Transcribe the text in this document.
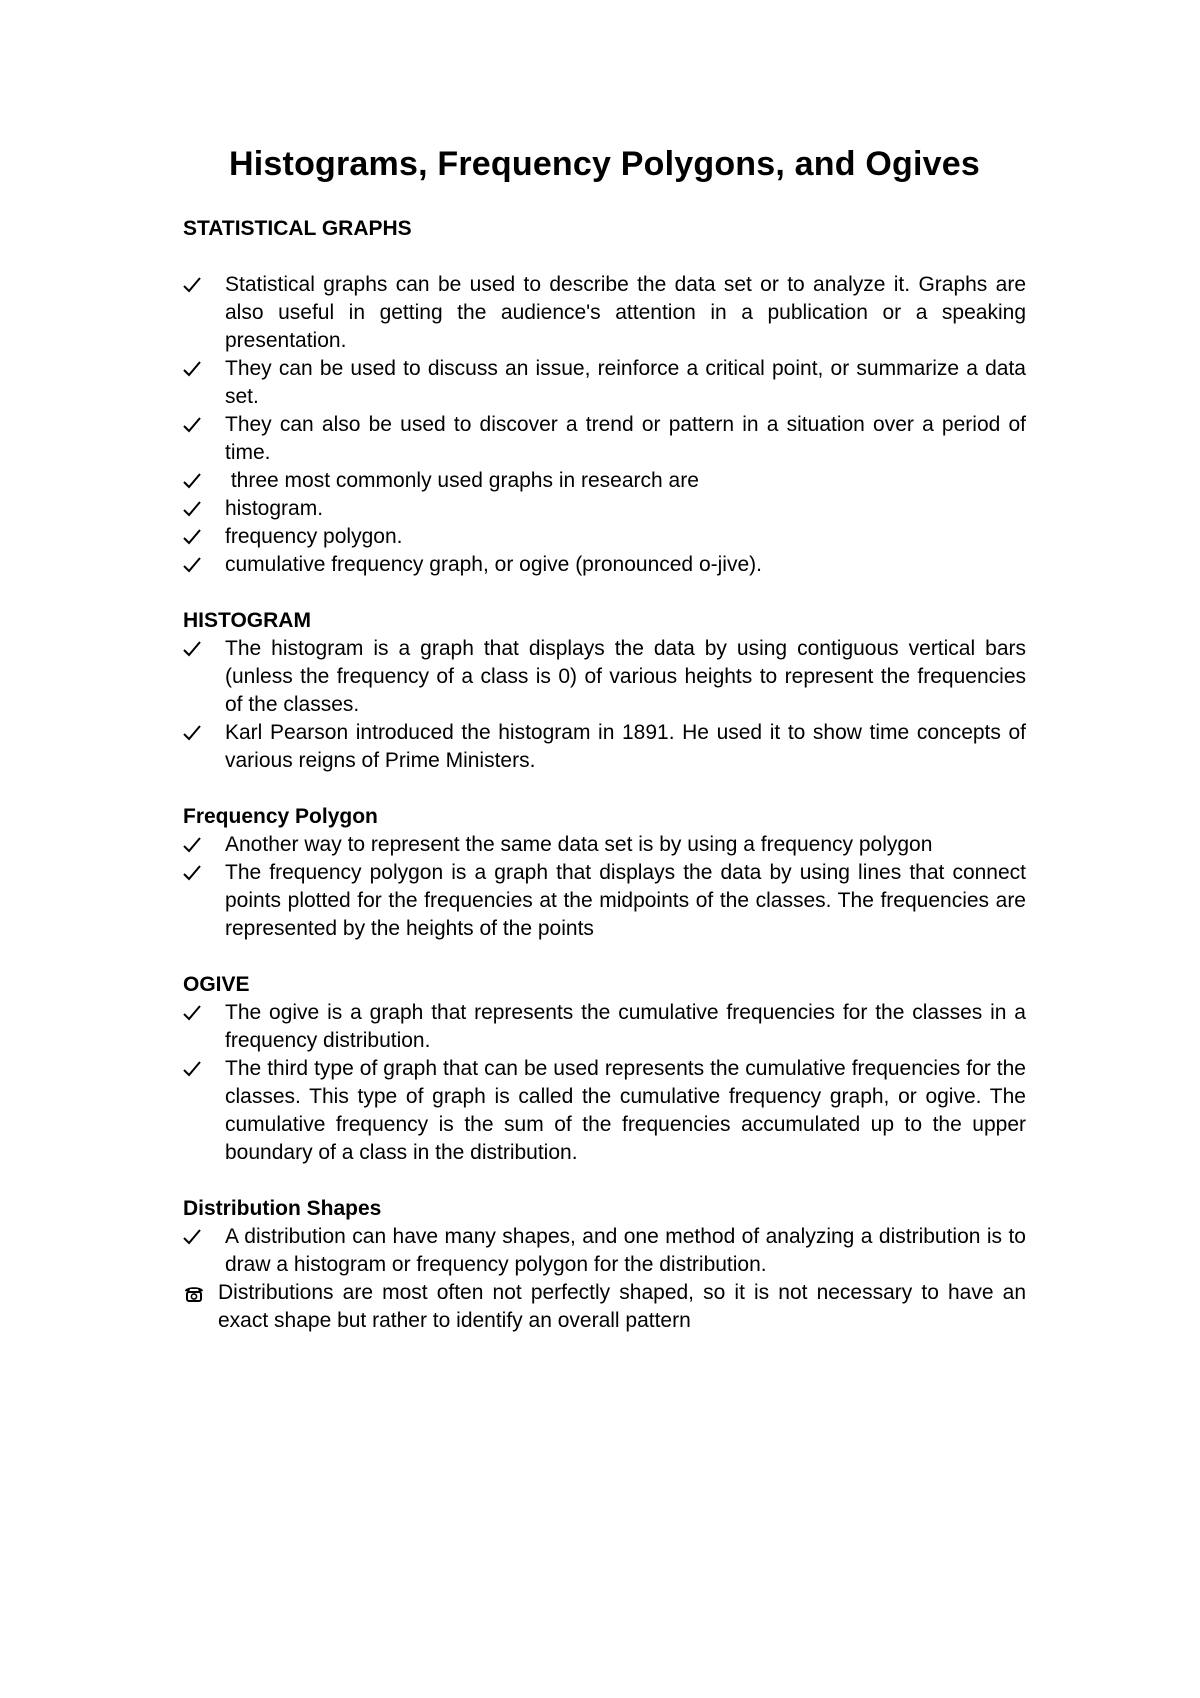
Histograms, Frequency Polygons, and Ogives
STATISTICAL GRAPHS
Statistical graphs can be used to describe the data set or to analyze it. Graphs are also useful in getting the audience's attention in a publication or a speaking presentation.
They can be used to discuss an issue, reinforce a critical point, or summarize a data set.
They can also be used to discover a trend or pattern in a situation over a period of time.
three most commonly used graphs in research are
histogram.
frequency polygon.
cumulative frequency graph, or ogive (pronounced o-jive).
HISTOGRAM
The histogram is a graph that displays the data by using contiguous vertical bars (unless the frequency of a class is 0) of various heights to represent the frequencies of the classes.
Karl Pearson introduced the histogram in 1891. He used it to show time concepts of various reigns of Prime Ministers.
Frequency Polygon
Another way to represent the same data set is by using a frequency polygon
The frequency polygon is a graph that displays the data by using lines that connect points plotted for the frequencies at the midpoints of the classes. The frequencies are represented by the heights of the points
OGIVE
The ogive is a graph that represents the cumulative frequencies for the classes in a frequency distribution.
The third type of graph that can be used represents the cumulative frequencies for the classes. This type of graph is called the cumulative frequency graph, or ogive. The cumulative frequency is the sum of the frequencies accumulated up to the upper boundary of a class in the distribution.
Distribution Shapes
A distribution can have many shapes, and one method of analyzing a distribution is to draw a histogram or frequency polygon for the distribution.
Distributions are most often not perfectly shaped, so it is not necessary to have an exact shape but rather to identify an overall pattern
